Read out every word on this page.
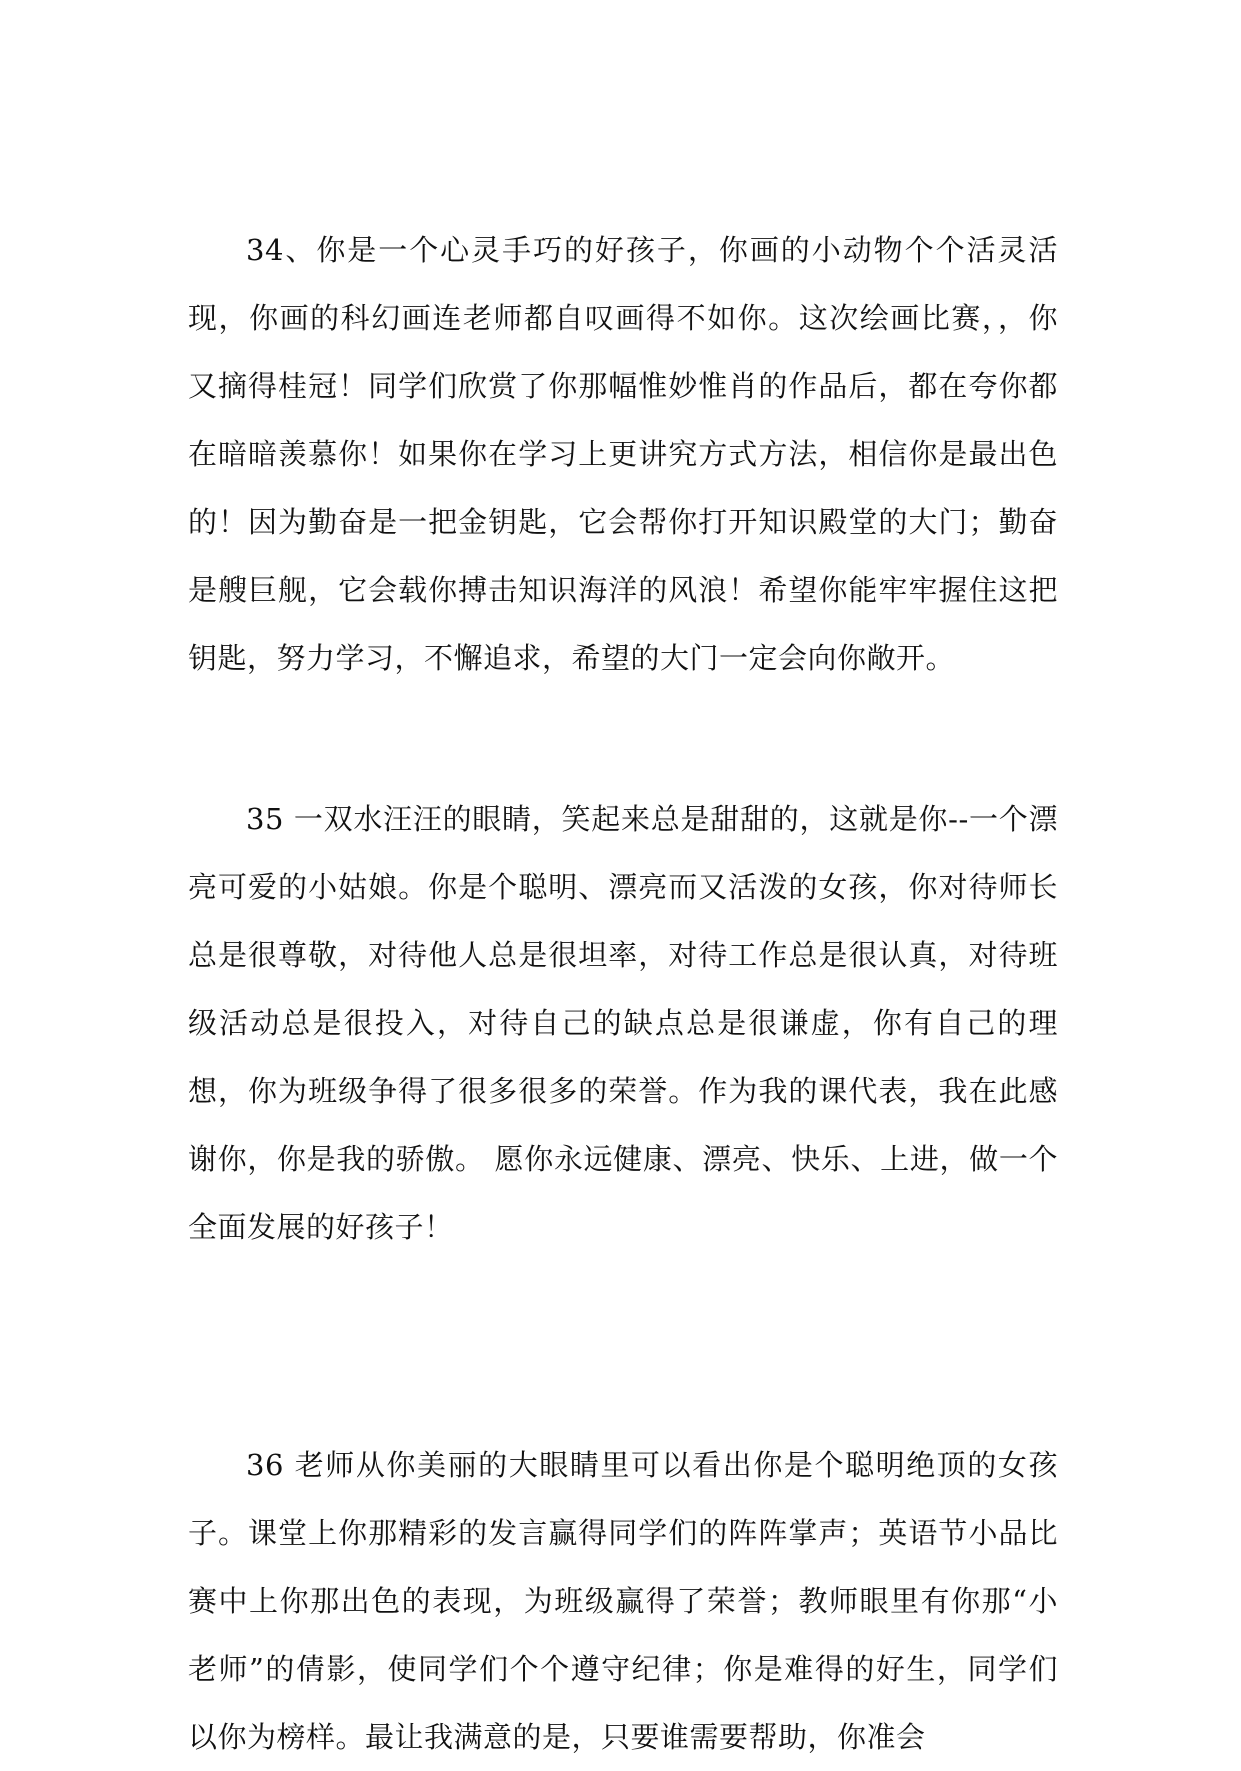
34、你是一个心灵手巧的好孩子，你画的小动物个个活灵活现，你画的科幻画连老师都自叹画得不如你。这次绘画比赛，，你又摘得桂冠！同学们欣赏了你那幅惟妙惟肖的作品后，都在夸你都在暗暗羡慕你！如果你在学习上更讲究方式方法，相信你是最出色的！因为勤奋是一把金钥匙，它会帮你打开知识殿堂的大门；勤奋是艘巨舰，它会载你搏击知识海洋的风浪！希望你能牢牢握住这把钥匙，努力学习，不懈追求，希望的大门一定会向你敞开。

35 一双水汪汪的眼睛，笑起来总是甜甜的，这就是你--一个漂亮可爱的小姑娘。你是个聪明、漂亮而又活泼的女孩，你对待师长总是很尊敬，对待他人总是很坦率，对待工作总是很认真，对待班级活动总是很投入，对待自己的缺点总是很谦虚，你有自己的理想，你为班级争得了很多很多的荣誉。作为我的课代表，我在此感谢你，你是我的骄傲。 愿你永远健康、漂亮、快乐、上进，做一个全面发展的好孩子！

36 老师从你美丽的大眼睛里可以看出你是个聪明绝顶的女孩子。课堂上你那精彩的发言赢得同学们的阵阵掌声；英语节小品比赛中上你那出色的表现，为班级赢得了荣誉；教师眼里有你那“小老师”的倩影，使同学们个个遵守纪律；你是难得的好生，同学们以你为榜样。最让我满意的是，只要谁需要帮助，你准会
